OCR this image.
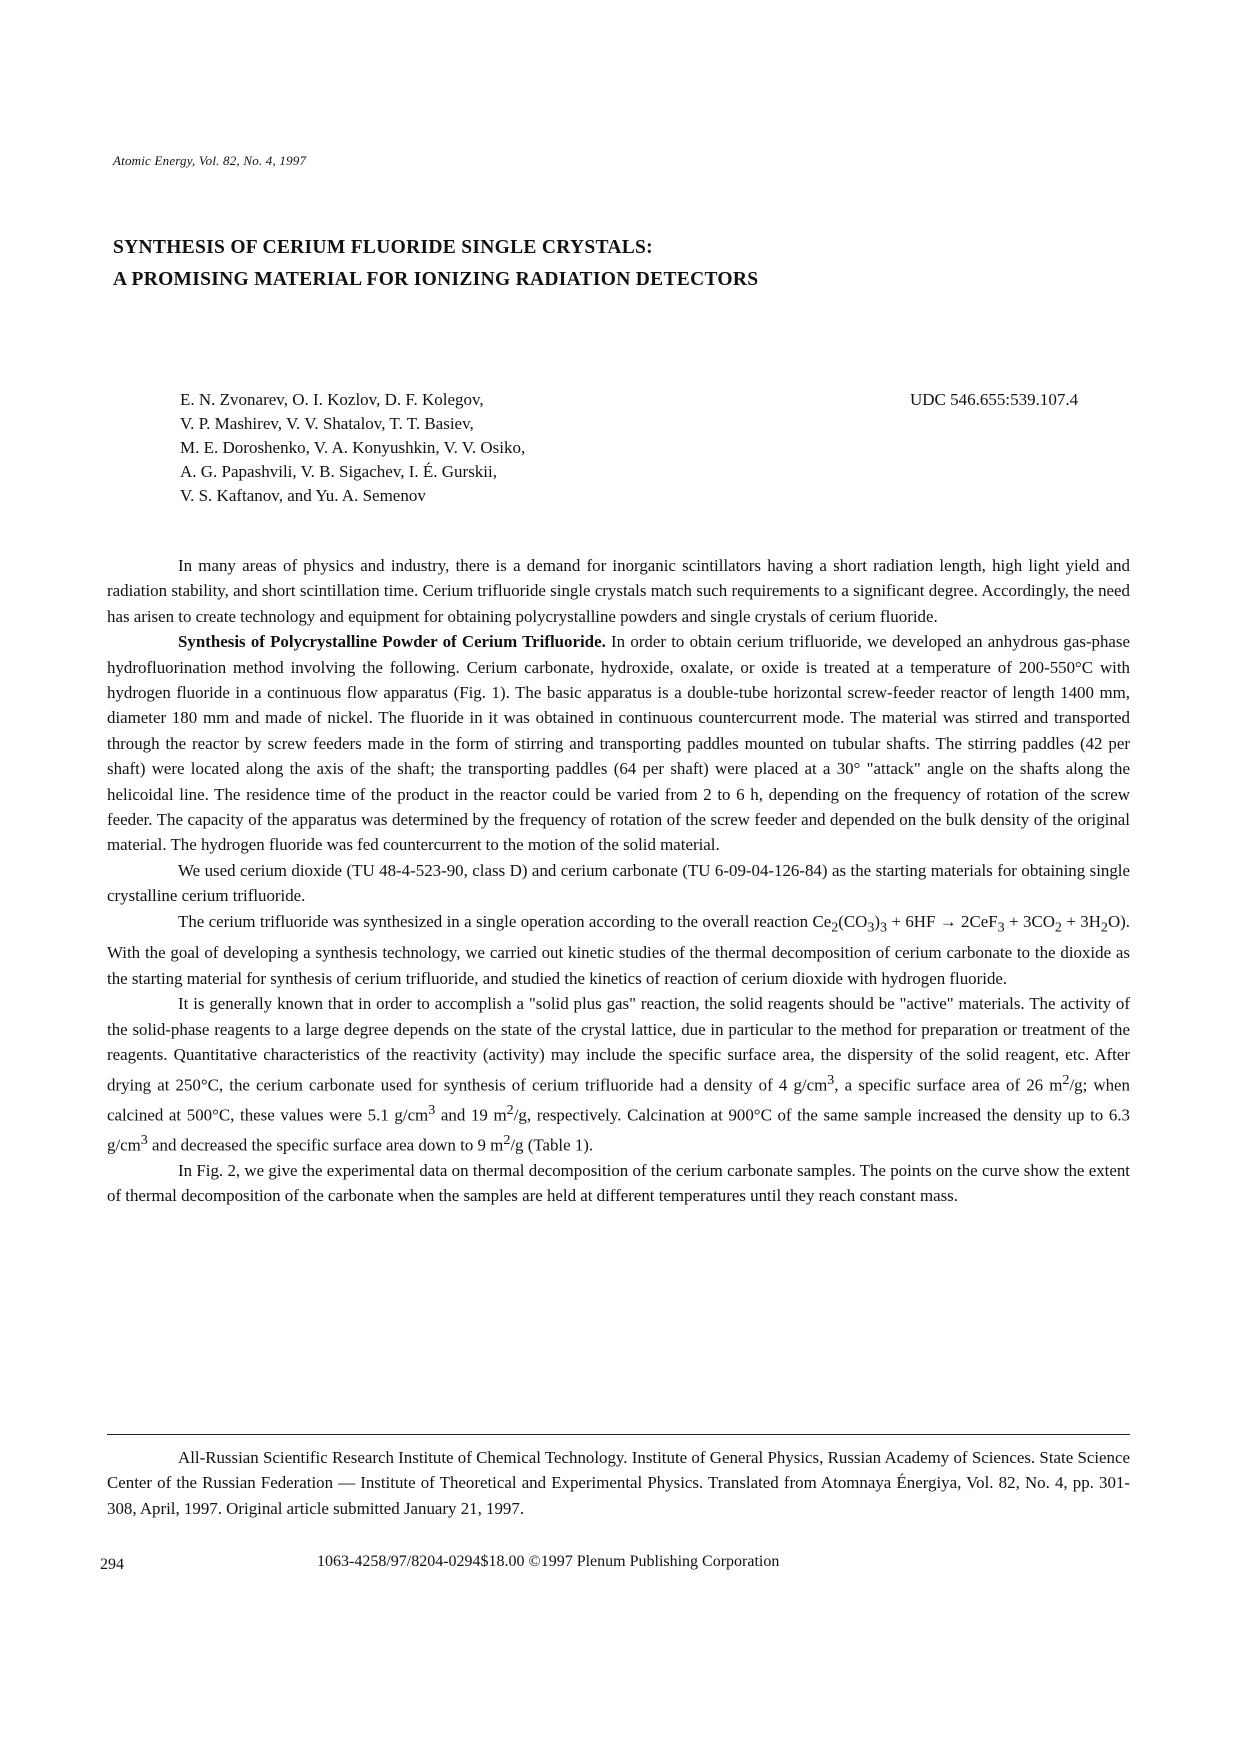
Atomic Energy, Vol. 82, No. 4, 1997
SYNTHESIS OF CERIUM FLUORIDE SINGLE CRYSTALS:
A PROMISING MATERIAL FOR IONIZING RADIATION DETECTORS
E. N. Zvonarev, O. I. Kozlov, D. F. Kolegov,
V. P. Mashirev, V. V. Shatalov, T. T. Basiev,
M. E. Doroshenko, V. A. Konyushkin, V. V. Osiko,
A. G. Papashvili, V. B. Sigachev, I. É. Gurskii,
V. S. Kaftanov, and Yu. A. Semenov
UDC 546.655:539.107.4

In many areas of physics and industry, there is a demand for inorganic scintillators having a short radiation length, high light yield and radiation stability, and short scintillation time. Cerium trifluoride single crystals match such requirements to a significant degree. Accordingly, the need has arisen to create technology and equipment for obtaining polycrystalline powders and single crystals of cerium fluoride.

Synthesis of Polycrystalline Powder of Cerium Trifluoride. In order to obtain cerium trifluoride, we developed an anhydrous gas-phase hydrofluorination method involving the following. Cerium carbonate, hydroxide, oxalate, or oxide is treated at a temperature of 200-550°C with hydrogen fluoride in a continuous flow apparatus (Fig. 1). The basic apparatus is a double-tube horizontal screw-feeder reactor of length 1400 mm, diameter 180 mm and made of nickel. The fluoride in it was obtained in continuous countercurrent mode. The material was stirred and transported through the reactor by screw feeders made in the form of stirring and transporting paddles mounted on tubular shafts. The stirring paddles (42 per shaft) were located along the axis of the shaft; the transporting paddles (64 per shaft) were placed at a 30° "attack" angle on the shafts along the helicoidal line. The residence time of the product in the reactor could be varied from 2 to 6 h, depending on the frequency of rotation of the screw feeder. The capacity of the apparatus was determined by the frequency of rotation of the screw feeder and depended on the bulk density of the original material. The hydrogen fluoride was fed countercurrent to the motion of the solid material.

We used cerium dioxide (TU 48-4-523-90, class D) and cerium carbonate (TU 6-09-04-126-84) as the starting materials for obtaining single crystalline cerium trifluoride.

The cerium trifluoride was synthesized in a single operation according to the overall reaction $Ce_2(CO_3)_3 + 6HF \to 2CeF_3 + 3CO_2 + 3H_2O$). With the goal of developing a synthesis technology, we carried out kinetic studies of the thermal decomposition of cerium carbonate to the dioxide as the starting material for synthesis of cerium trifluoride, and studied the kinetics of reaction of cerium dioxide with hydrogen fluoride.

It is generally known that in order to accomplish a "solid plus gas" reaction, the solid reagents should be "active" materials. The activity of the solid-phase reagents to a large degree depends on the state of the crystal lattice, due in particular to the method for preparation or treatment of the reagents. Quantitative characteristics of the reactivity (activity) may include the specific surface area, the dispersity of the solid reagent, etc. After drying at 250°C, the cerium carbonate used for synthesis of cerium trifluoride had a density of 4 $g/cm^3$, a specific surface area of 26 $m^2/g$; when calcined at 500°C, these values were 5.1 $g/cm^3$ and 19 $m^2/g$, respectively. Calcination at 900°C of the same sample increased the density up to 6.3 $g/cm^3$ and decreased the specific surface area down to 9 $m^2/g$ (Table 1).

In Fig. 2, we give the experimental data on thermal decomposition of the cerium carbonate samples. The points on the curve show the extent of thermal decomposition of the carbonate when the samples are held at different temperatures until they reach constant mass.

All-Russian Scientific Research Institute of Chemical Technology. Institute of General Physics, Russian Academy of Sciences. State Science Center of the Russian Federation — Institute of Theoretical and Experimental Physics. Translated from Atomnaya Énergiya, Vol. 82, No. 4, pp. 301-308, April, 1997. Original article submitted January 21, 1997.

294	1063-4258/97/8204-0294$18.00 ©1997 Plenum Publishing Corporation
